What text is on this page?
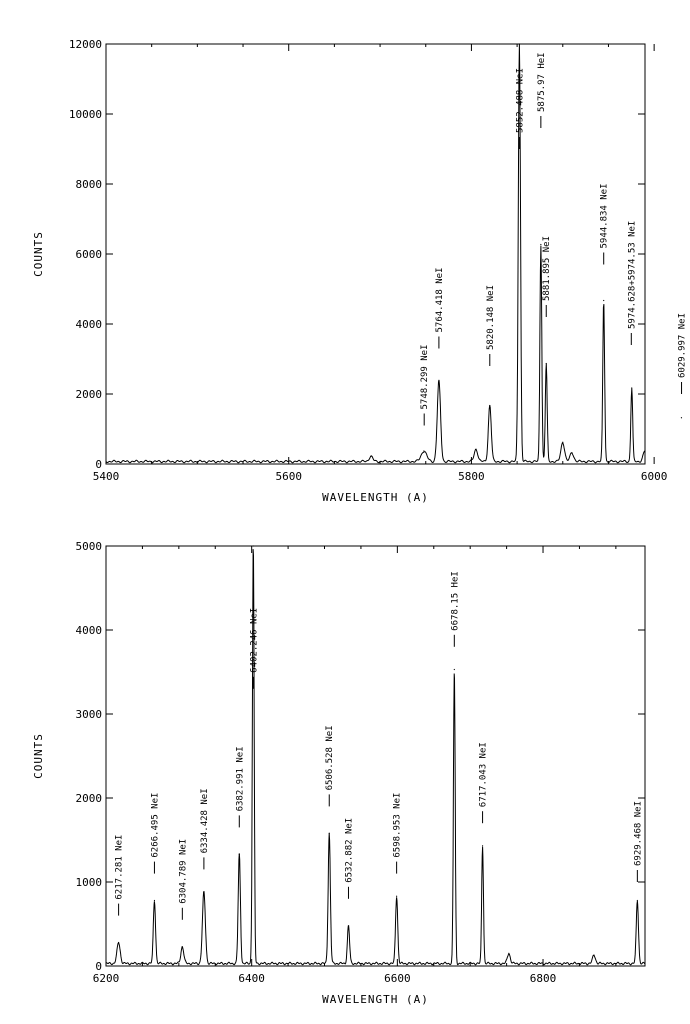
5400	5600	5800	6000
0
2000
4000
6000
8000
10000
12000
WAVELENGTH (A)
COUNTS
5748.299 NeI
5764.418 NeI	5820.148 NeI
5852.488 NeI 5875.97 HeI
5881.895 NeI
5944.834 NeI
5974.628+5974.53 NeI
6029.997 NeI
6200	6400	6600	6800
0
1000
2000
3000
4000
5000
WAVELENGTH (A)
COUNTS
6217.281 NeI
6266.495 NeI
6304.789 NeI
6334.428 NeI
6382.991 NeI
6402.246 NeI
6506.528 NeI
6532.882 NeI	6598.953 NeI
6678.15 HeI
6717.043 NeI
6929.468 NeI
